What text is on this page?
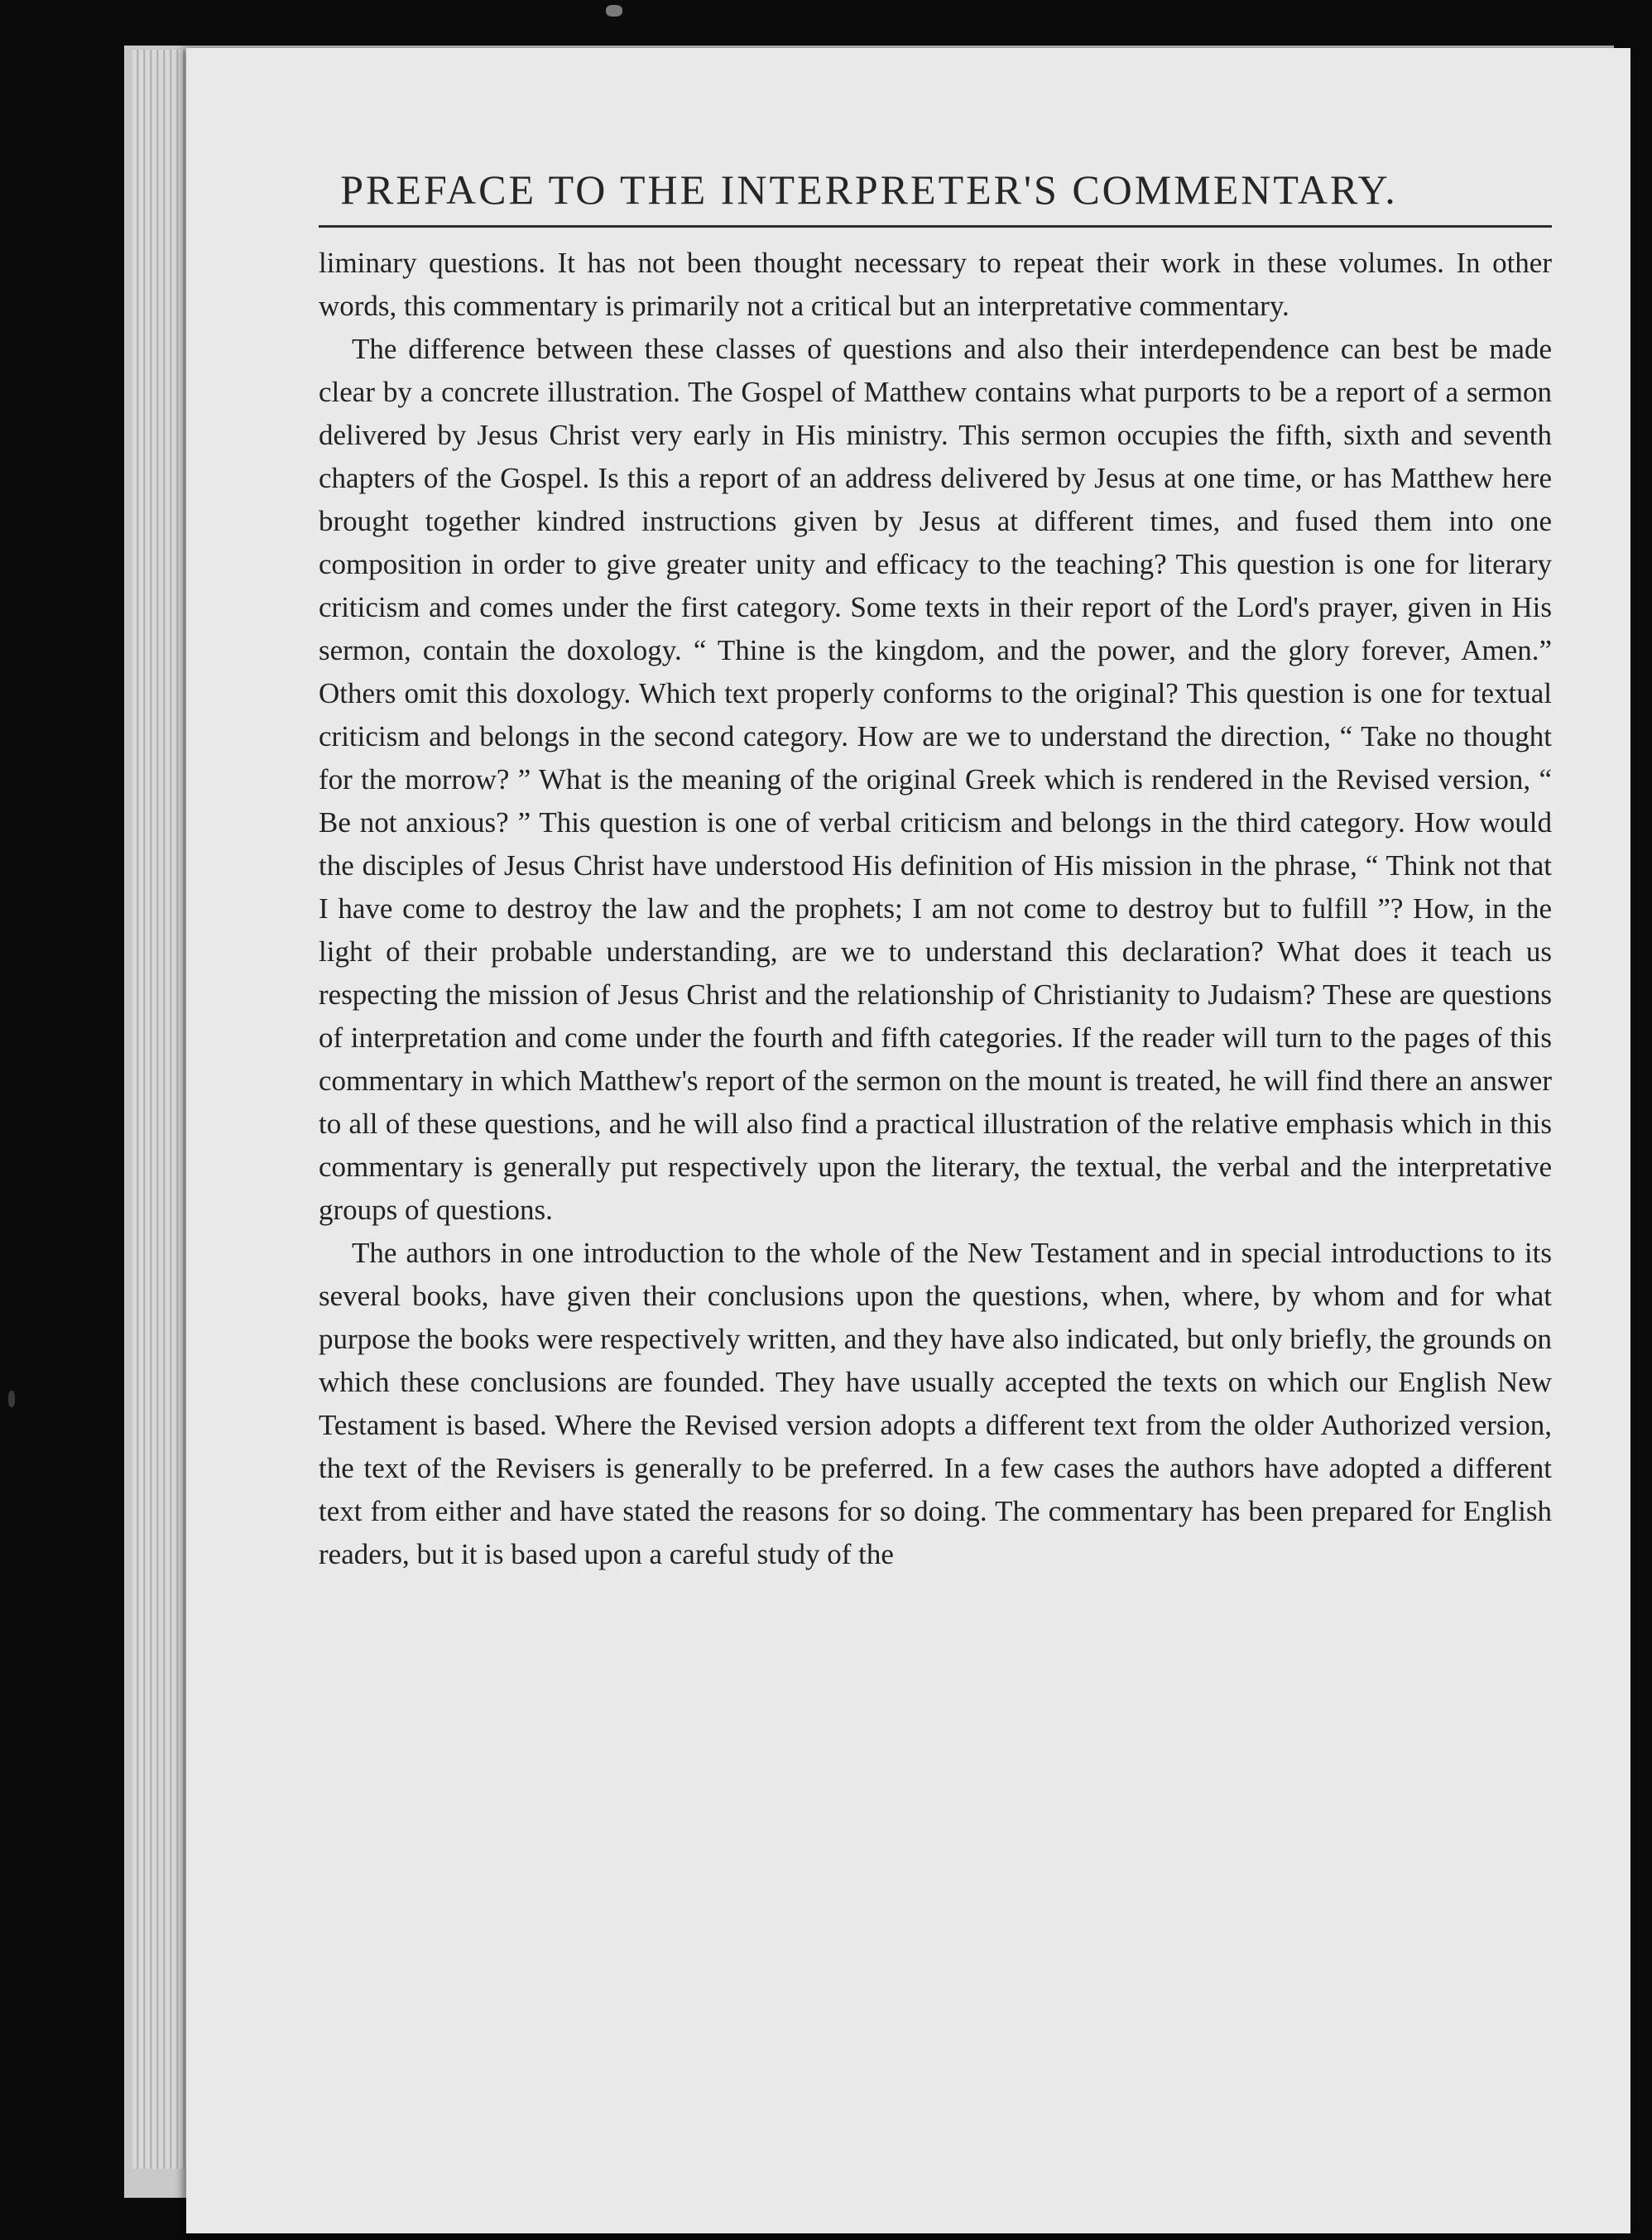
PREFACE TO THE INTERPRETER'S COMMENTARY.

liminary questions. It has not been thought necessary to repeat their work in these volumes. In other words, this commentary is primarily not a critical but an interpretative commentary.

The difference between these classes of questions and also their interdependence can best be made clear by a concrete illustration. The Gospel of Matthew contains what purports to be a report of a sermon delivered by Jesus Christ very early in His ministry. This sermon occupies the fifth, sixth and seventh chapters of the Gospel. Is this a report of an address delivered by Jesus at one time, or has Matthew here brought together kindred instructions given by Jesus at different times, and fused them into one composition in order to give greater unity and efficacy to the teaching? This question is one for literary criticism and comes under the first category. Some texts in their report of the Lord's prayer, given in His sermon, contain the doxology. “ Thine is the kingdom, and the power, and the glory forever, Amen.” Others omit this doxology. Which text properly conforms to the original? This question is one for textual criticism and belongs in the second category. How are we to understand the direction, “ Take no thought for the morrow? ” What is the meaning of the original Greek which is rendered in the Revised version, “ Be not anxious? ” This question is one of verbal criticism and belongs in the third category. How would the disciples of Jesus Christ have understood His definition of His mission in the phrase, “ Think not that I have come to destroy the law and the prophets; I am not come to destroy but to fulfill ”? How, in the light of their probable understanding, are we to understand this declaration? What does it teach us respecting the mission of Jesus Christ and the relationship of Christianity to Judaism? These are questions of interpretation and come under the fourth and fifth categories. If the reader will turn to the pages of this commentary in which Matthew's report of the sermon on the mount is treated, he will find there an answer to all of these questions, and he will also find a practical illustration of the relative emphasis which in this commentary is generally put respectively upon the literary, the textual, the verbal and the interpretative groups of questions.

The authors in one introduction to the whole of the New Testament and in special introductions to its several books, have given their conclusions upon the questions, when, where, by whom and for what purpose the books were respectively written, and they have also indicated, but only briefly, the grounds on which these conclusions are founded. They have usually accepted the texts on which our English New Testament is based. Where the Revised version adopts a different text from the older Authorized version, the text of the Revisers is generally to be preferred. In a few cases the authors have adopted a different text from either and have stated the reasons for so doing. The commentary has been prepared for English readers, but it is based upon a careful study of the
